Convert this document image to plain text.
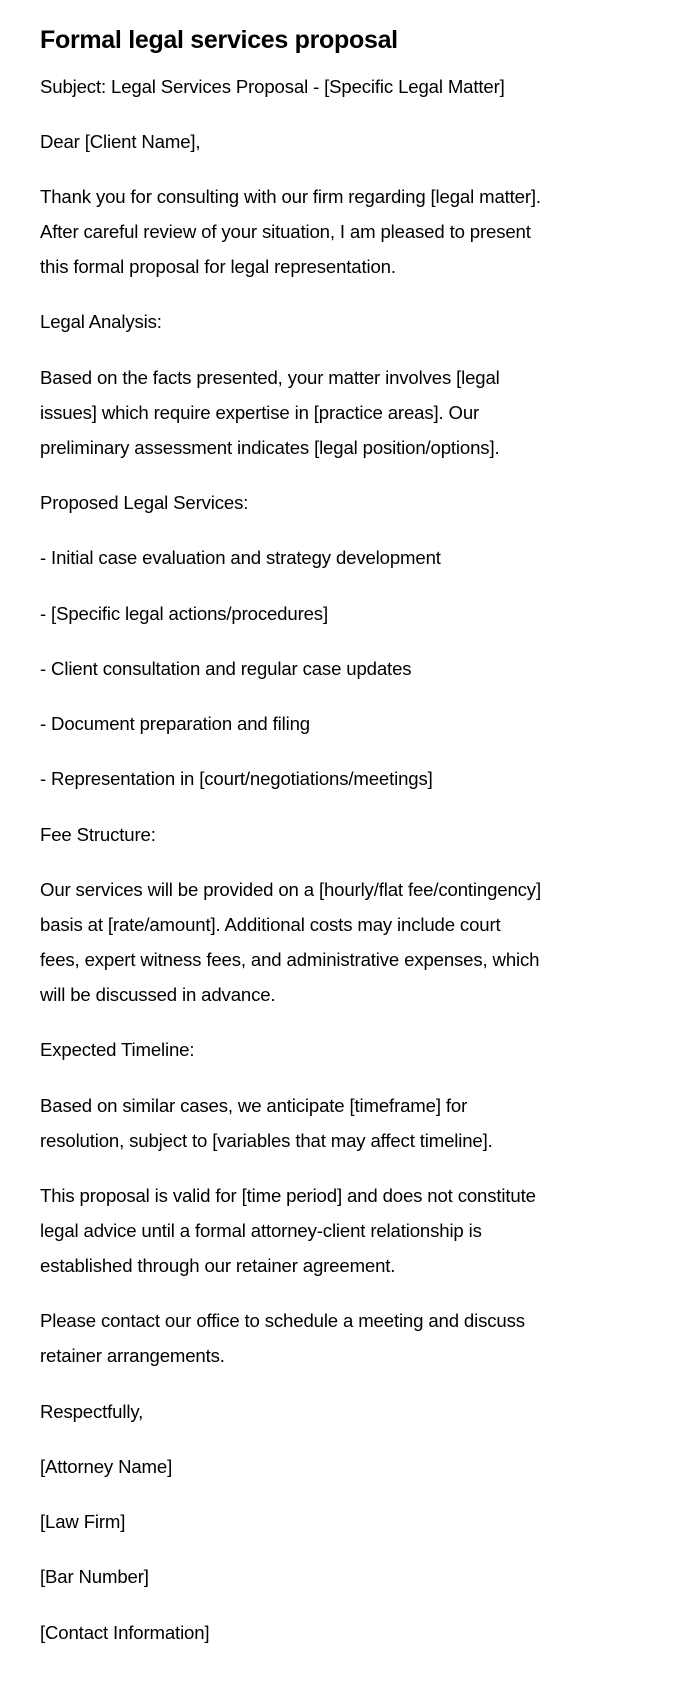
Formal legal services proposal

Subject: Legal Services Proposal - [Specific Legal Matter]

Dear [Client Name],

Thank you for consulting with our firm regarding [legal matter].
After careful review of your situation, I am pleased to present
this formal proposal for legal representation.

Legal Analysis:

Based on the facts presented, your matter involves [legal
issues] which require expertise in [practice areas]. Our
preliminary assessment indicates [legal position/options].

Proposed Legal Services:

- Initial case evaluation and strategy development

- [Specific legal actions/procedures]

- Client consultation and regular case updates

- Document preparation and filing

- Representation in [court/negotiations/meetings]

Fee Structure:

Our services will be provided on a [hourly/flat fee/contingency]
basis at [rate/amount]. Additional costs may include court
fees, expert witness fees, and administrative expenses, which
will be discussed in advance.

Expected Timeline:

Based on similar cases, we anticipate [timeframe] for
resolution, subject to [variables that may affect timeline].

This proposal is valid for [time period] and does not constitute
legal advice until a formal attorney-client relationship is
established through our retainer agreement.

Please contact our office to schedule a meeting and discuss
retainer arrangements.

Respectfully,

[Attorney Name]

[Law Firm]

[Bar Number]

[Contact Information]
